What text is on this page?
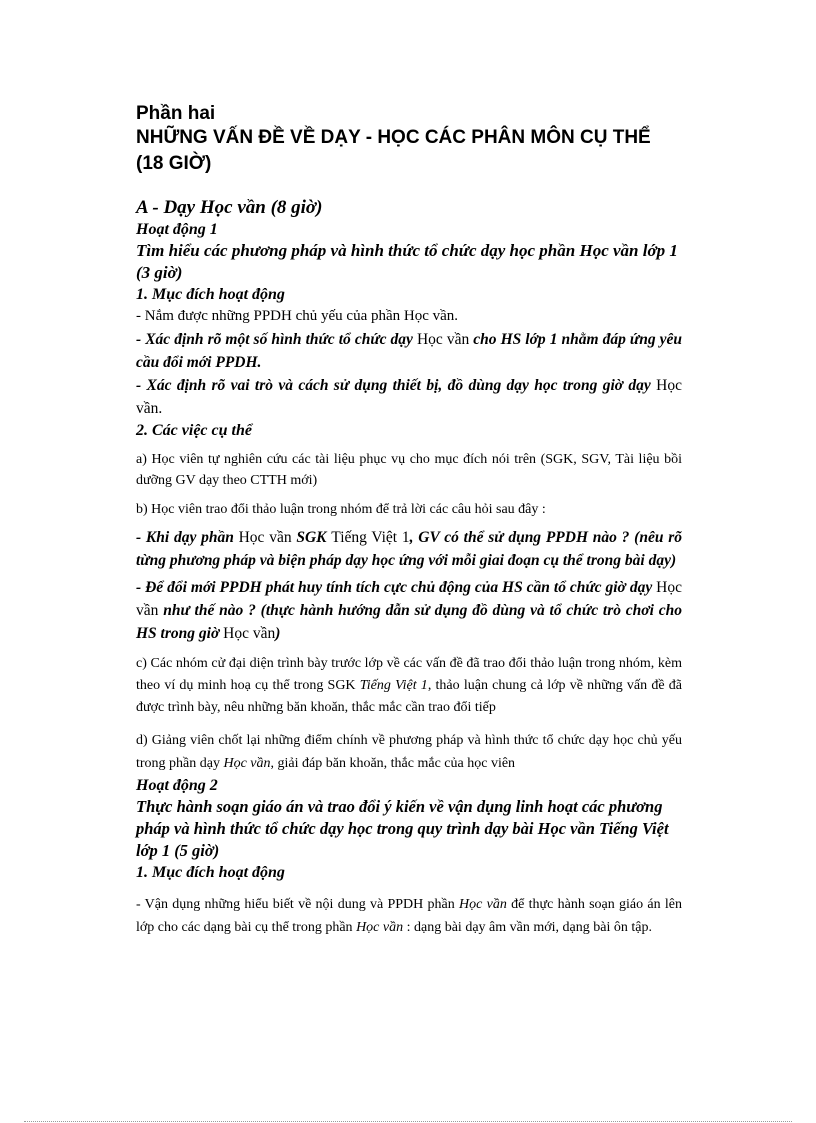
Phần hai
NHỮNG VẤN ĐỀ VỀ DẠY - HỌC CÁC PHÂN MÔN CỤ THỂ
(18 GIỜ)
A - Dạy Học vần (8 giờ)
Hoạt động 1
Tìm hiểu các phương pháp và hình thức tổ chức dạy học phần Học vần lớp 1 (3 giờ)
1. Mục đích hoạt động
- Nắm được những PPDH chủ yếu của phần Học vần.
- Xác định rõ một số hình thức tổ chức dạy Học vần cho HS lớp 1 nhằm đáp ứng yêu cầu đổi mới PPDH.
- Xác định rõ vai trò và cách sử dụng thiết bị, đồ dùng dạy học trong giờ dạy Học vần.
2. Các việc cụ thể
a) Học viên tự nghiên cứu các tài liệu phục vụ cho mục đích nói trên (SGK, SGV, Tài liệu bồi dưỡng GV dạy theo CTTH mới)
b) Học viên trao đổi thảo luận trong nhóm để trả lời các câu hỏi sau đây :
- Khi dạy phần Học vần SGK Tiếng Việt 1, GV có thể sử dụng PPDH nào ? (nêu rõ từng phương pháp và biện pháp dạy học ứng với mỗi giai đoạn cụ thể trong bài dạy)
- Để đổi mới PPDH phát huy tính tích cực chủ động của HS cần tổ chức giờ dạy Học vần như thế nào ? (thực hành hướng dẫn sử dụng đồ dùng và tổ chức trò chơi cho HS trong giờ Học vần)
c) Các nhóm cử đại diện trình bày trước lớp về các vấn đề đã trao đổi thảo luận trong nhóm, kèm theo ví dụ minh hoạ cụ thể trong SGK Tiếng Việt 1, thảo luận chung cả lớp về những vấn đề đã được trình bày, nêu những băn khoăn, thắc mắc cần trao đổi tiếp
d) Giảng viên chốt lại những điểm chính về phương pháp và hình thức tổ chức dạy học chủ yếu trong phần dạy Học vần, giải đáp băn khoăn, thắc mắc của học viên
Hoạt động 2
Thực hành soạn giáo án và trao đổi ý kiến về vận dụng linh hoạt các phương pháp và hình thức tổ chức dạy học trong quy trình dạy bài Học vần Tiếng Việt lớp 1 (5 giờ)
1. Mục đích hoạt động
- Vận dụng những hiểu biết về nội dung và PPDH phần Học vần để thực hành soạn giáo án lên lớp cho các dạng bài cụ thể trong phần Học vần : dạng bài dạy âm vần mới, dạng bài ôn tập.
